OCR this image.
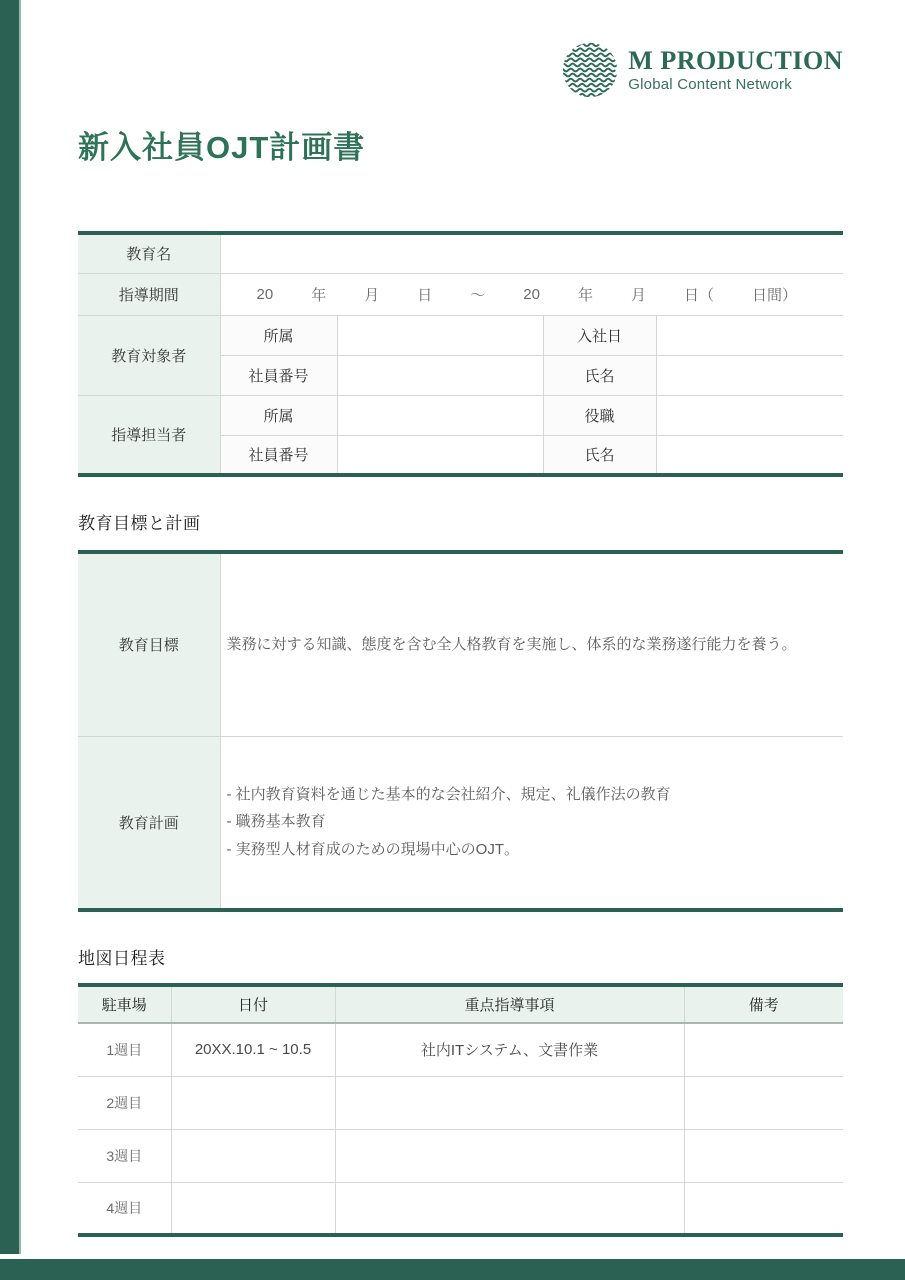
M PRODUCTION
Global Content Network
新入社員OJT計画書
教育名				
指導期間	20	年	月	日	～	20	年	月	日（	日間）

教育対象者	所属		入社日	
	社員番号		氏名	
指導担当者	所属		役職	
	社員番号		氏名	
教育目標と計画
教育目標	業務に対する知識、態度を含む全人格教育を実施し、体系的な業務遂行能力を養う。

教育計画	- 社内教育資料を通じた基本的な会社紹介、規定、礼儀作法の教育
- 職務基本教育
- 実務型人材育成のための現場中心のOJT。
地図日程表
駐車場	日付	重点指導事項	備考
1週目	20XX.10.1 ~ 10.5	社内ITシステム、文書作業	
2週目			
3週目			
4週目			
